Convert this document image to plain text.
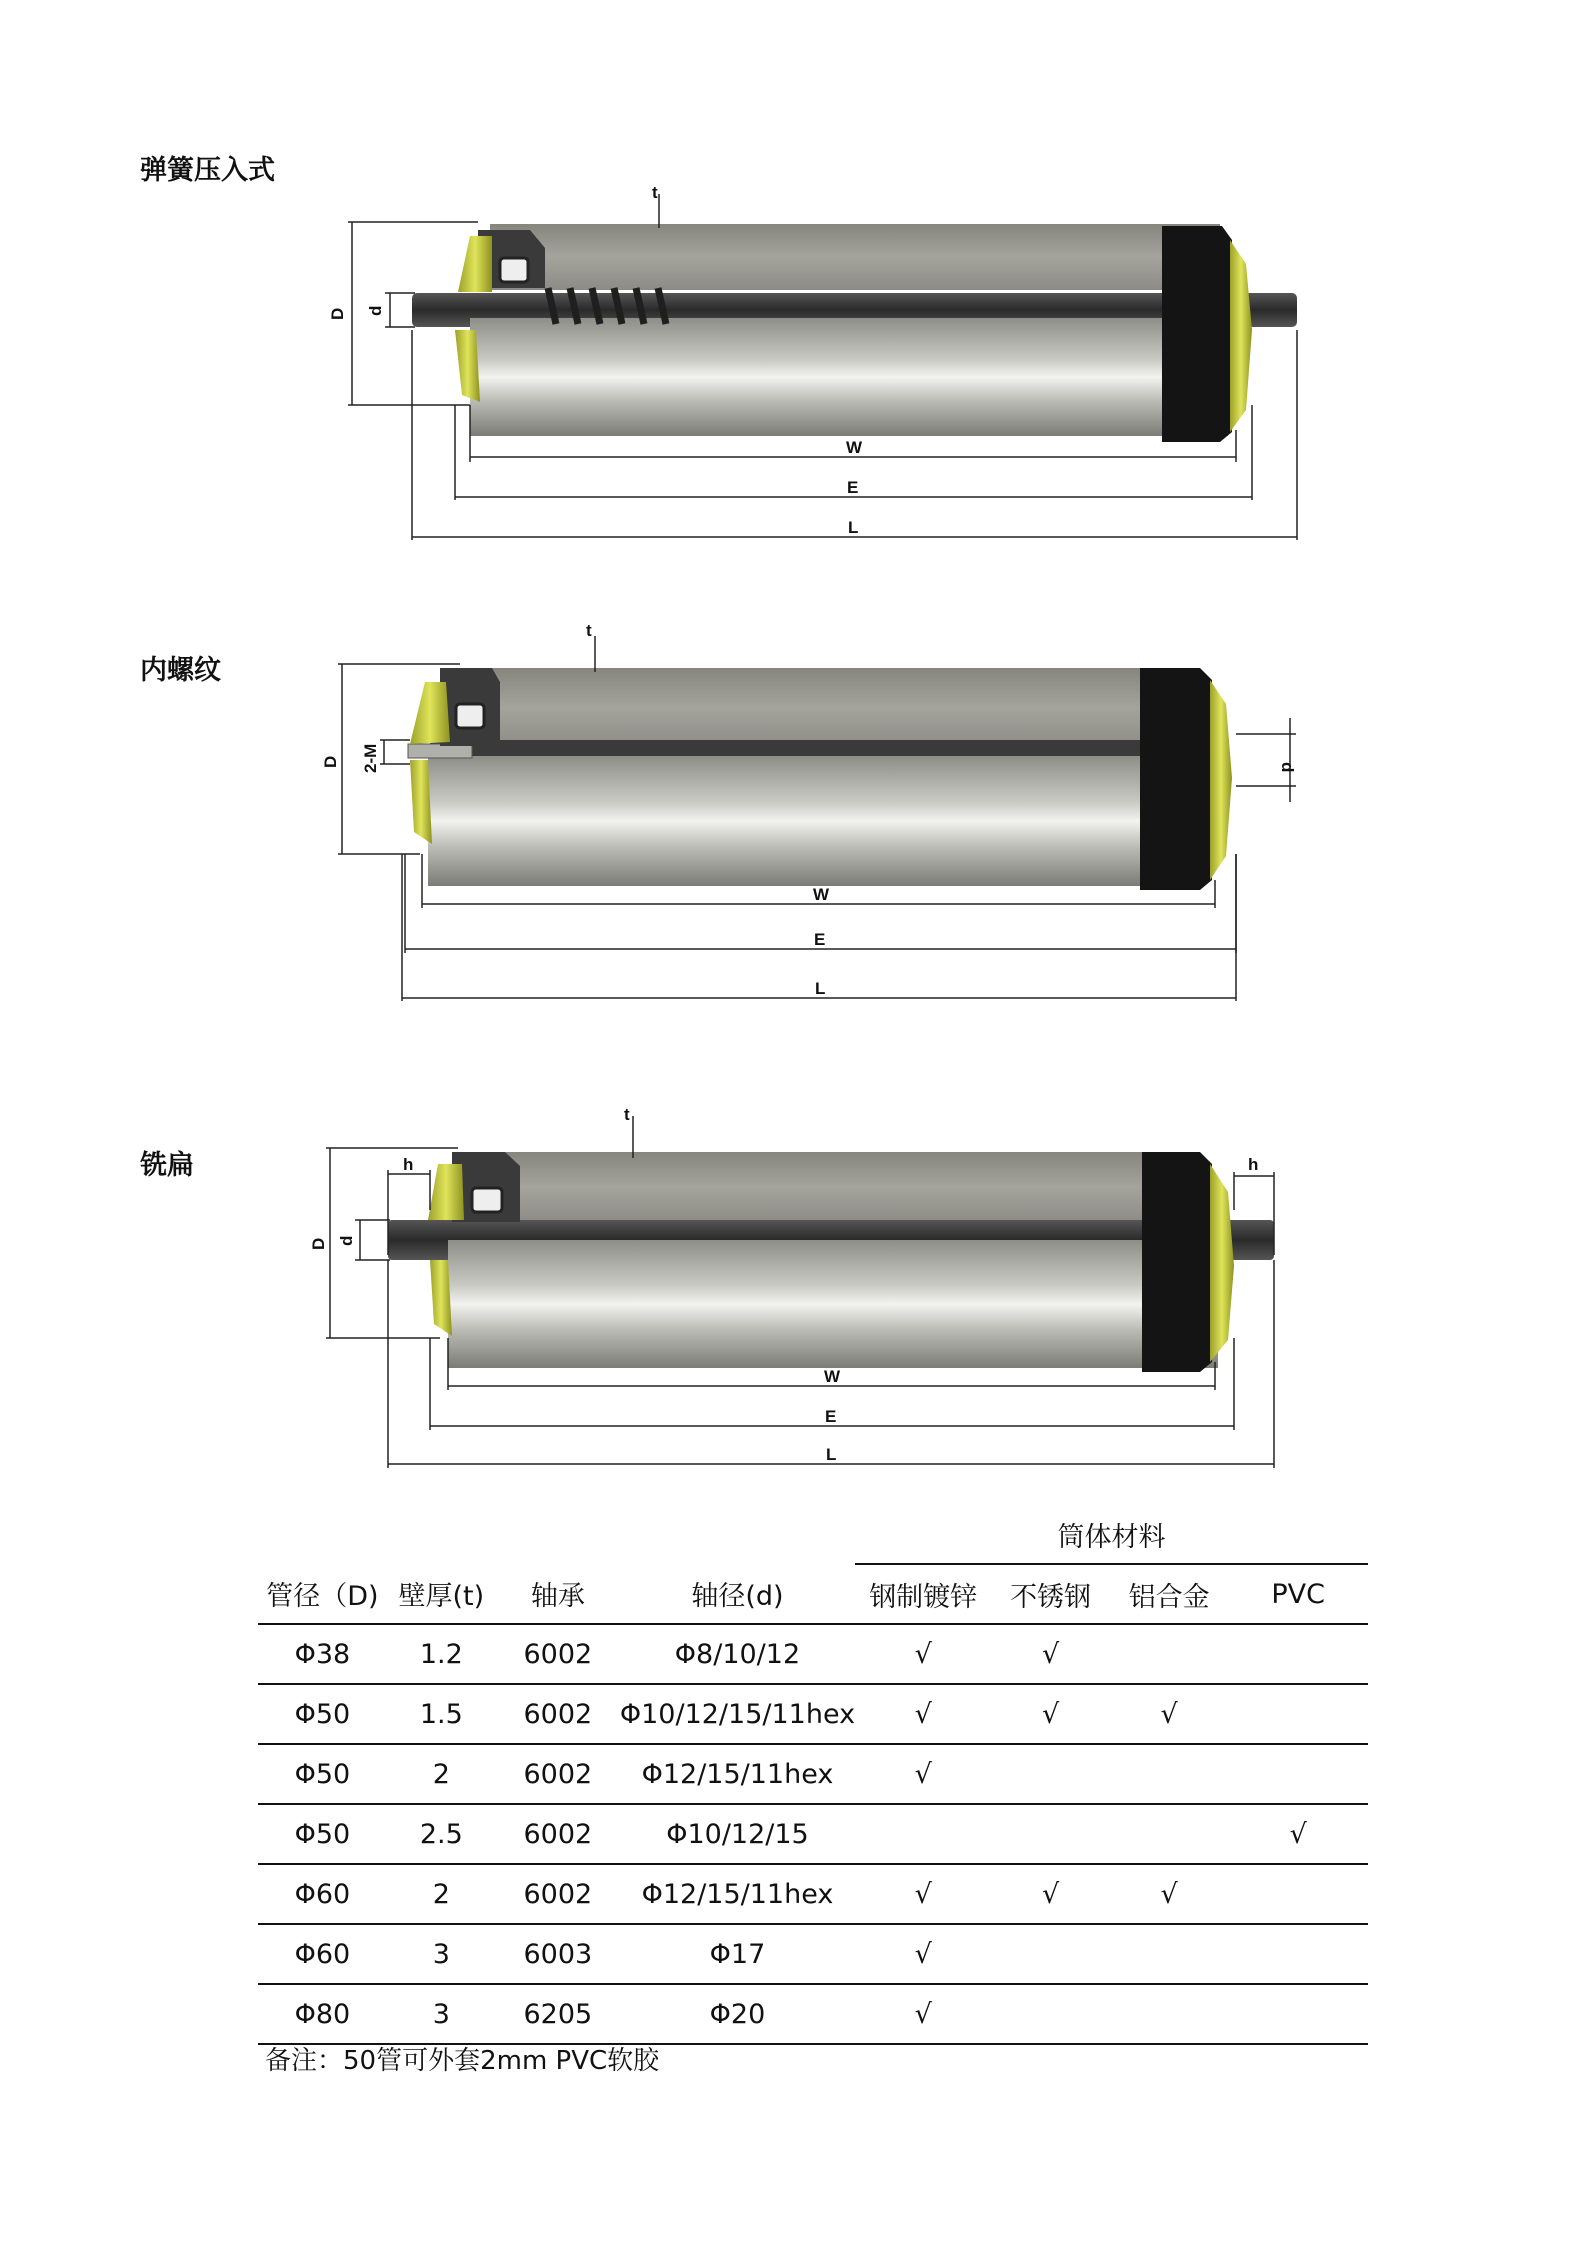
弹簧压入式
D d
t
W
E
L
内螺纹
D 2-M	d
t
W
E
L
铣扁
D d
h	h
t
W
E
L
				筒体材料			
管径（D)	壁厚(t)	轴承	轴径(d)	钢制镀锌	不锈钢	铝合金	PVC
Φ38	1.2	6002	Φ8/10/12	√	√		
Φ50	1.5	6002	Φ10/12/15/11hex	√	√	√	
Φ50	2	6002	Φ12/15/11hex	√			
Φ50	2.5	6002	Φ10/12/15				√
Φ60	2	6002	Φ12/15/11hex	√	√	√	
Φ60	3	6003	Φ17	√			
Φ80	3	6205	Φ20	√			

备注：50管可外套2mm PVC软胶
